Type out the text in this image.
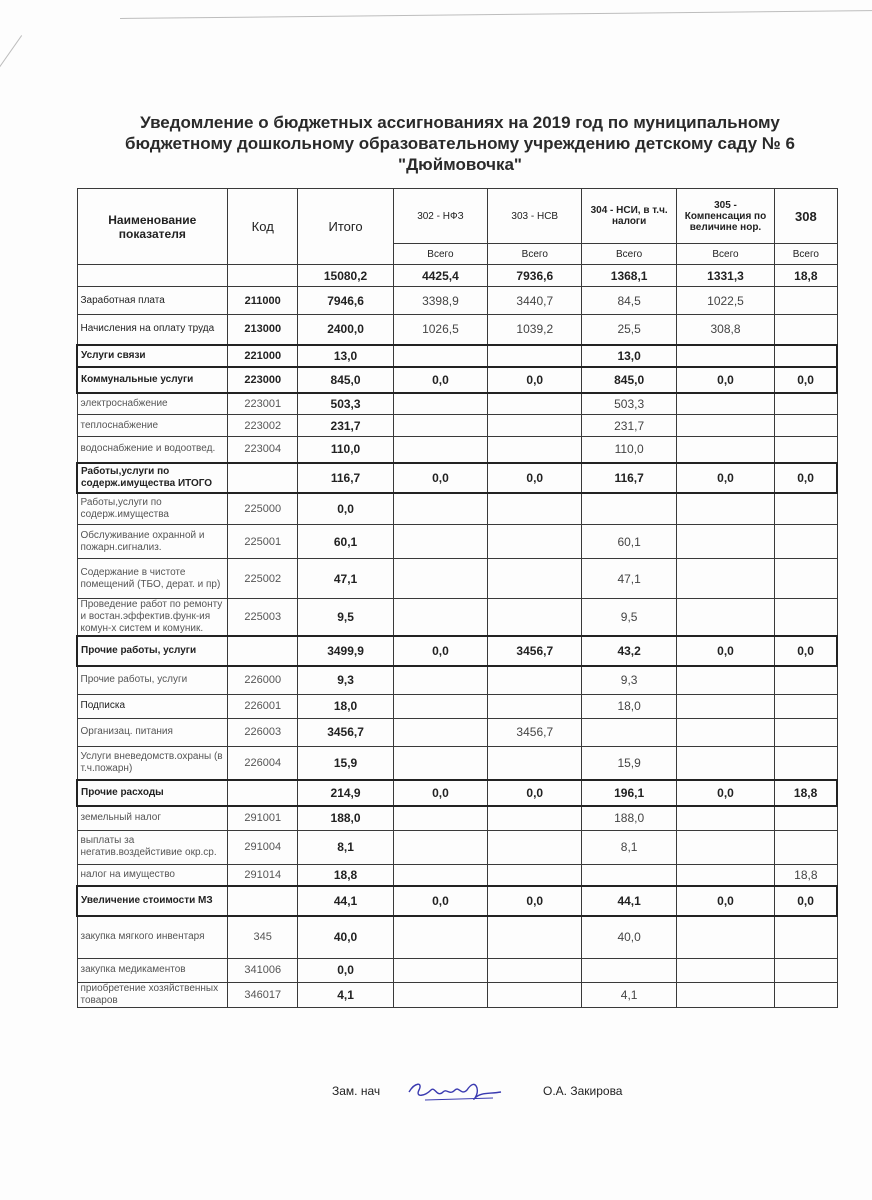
Уведомление о бюджетных ассигнованиях на 2019 год по муниципальному
бюджетному дошкольному образовательному учреждению детскому саду № 6
"Дюймовочка"
Наименование показателя	Код	Итого	302 - НФЗ	303 - НСВ	304 - НСИ, в т.ч. налоги	305 - Компенсация по величине нор.	308
			Всего	Всего	Всего	Всего	Всего
		15080,2	4425,4	7936,6	1368,1	1331,3	18,8
Заработная плата	211000	7946,6	3398,9	3440,7	84,5	1022,5	
Начисления на оплату труда	213000	2400,0	1026,5	1039,2	25,5	308,8	
Услуги связи	221000	13,0			13,0		
Коммунальные услуги	223000	845,0	0,0	0,0	845,0	0,0	0,0
электроснабжение	223001	503,3			503,3		
теплоснабжение	223002	231,7			231,7		
водоснабжение и водоотвед.	223004	110,0			110,0		
Работы,услуги по содерж.имущества ИТОГО		116,7	0,0	0,0	116,7	0,0	0,0
Работы,услуги по содерж.имущества	225000	0,0					
Обслуживание охранной и пожарн.сигнализ.	225001	60,1			60,1		
Содержание в чистоте помещений (ТБО, дерат. и пр)	225002	47,1			47,1		
Проведение работ по ремонту и востан.эффектив.функ-ия комун-х систем и комуник.	225003	9,5			9,5		
Прочие работы, услуги		3499,9	0,0	3456,7	43,2	0,0	0,0
Прочие работы, услуги	226000	9,3			9,3		
Подписка	226001	18,0			18,0		
Организац. питания	226003	3456,7		3456,7			
Услуги вневедомств.охраны (в т.ч.пожарн)	226004	15,9			15,9		
Прочие расходы		214,9	0,0	0,0	196,1	0,0	18,8
земельный налог	291001	188,0			188,0		
выплаты за негатив.воздейстивие окр.ср.	291004	8,1			8,1		
налог на имущество	291014	18,8					18,8
Увеличение стоимости МЗ		44,1	0,0	0,0	44,1	0,0	0,0
закупка мягкого инвентаря	345	40,0			40,0		
закупка медикаментов	341006	0,0					
приобретение хозяйственных товаров	346017	4,1			4,1		
Зам. нач	О.А. Закирова
